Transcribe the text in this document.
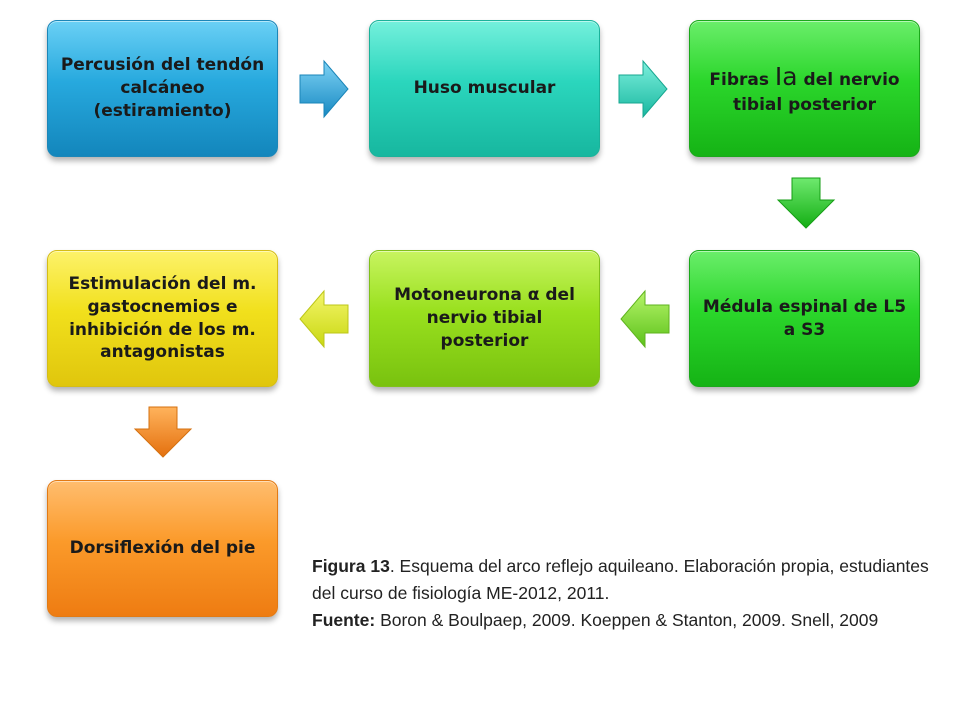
Percusión del tendón calcáneo (estiramiento)
Huso muscular	Fibras Ia del nervio tibial posterior
Estimulación del m. gastocnemios e inhibición de los m. antagonistas
Motoneurona α del nervio tibial posterior
Médula espinal de L5 a S3
Dorsiflexión del pie
Figura 13. Esquema del arco reflejo aquileano. Elaboración propia, estudiantes del curso de fisiología ME-2012, 2011.
Fuente: Boron & Boulpaep, 2009. Koeppen & Stanton, 2009. Snell, 2009
